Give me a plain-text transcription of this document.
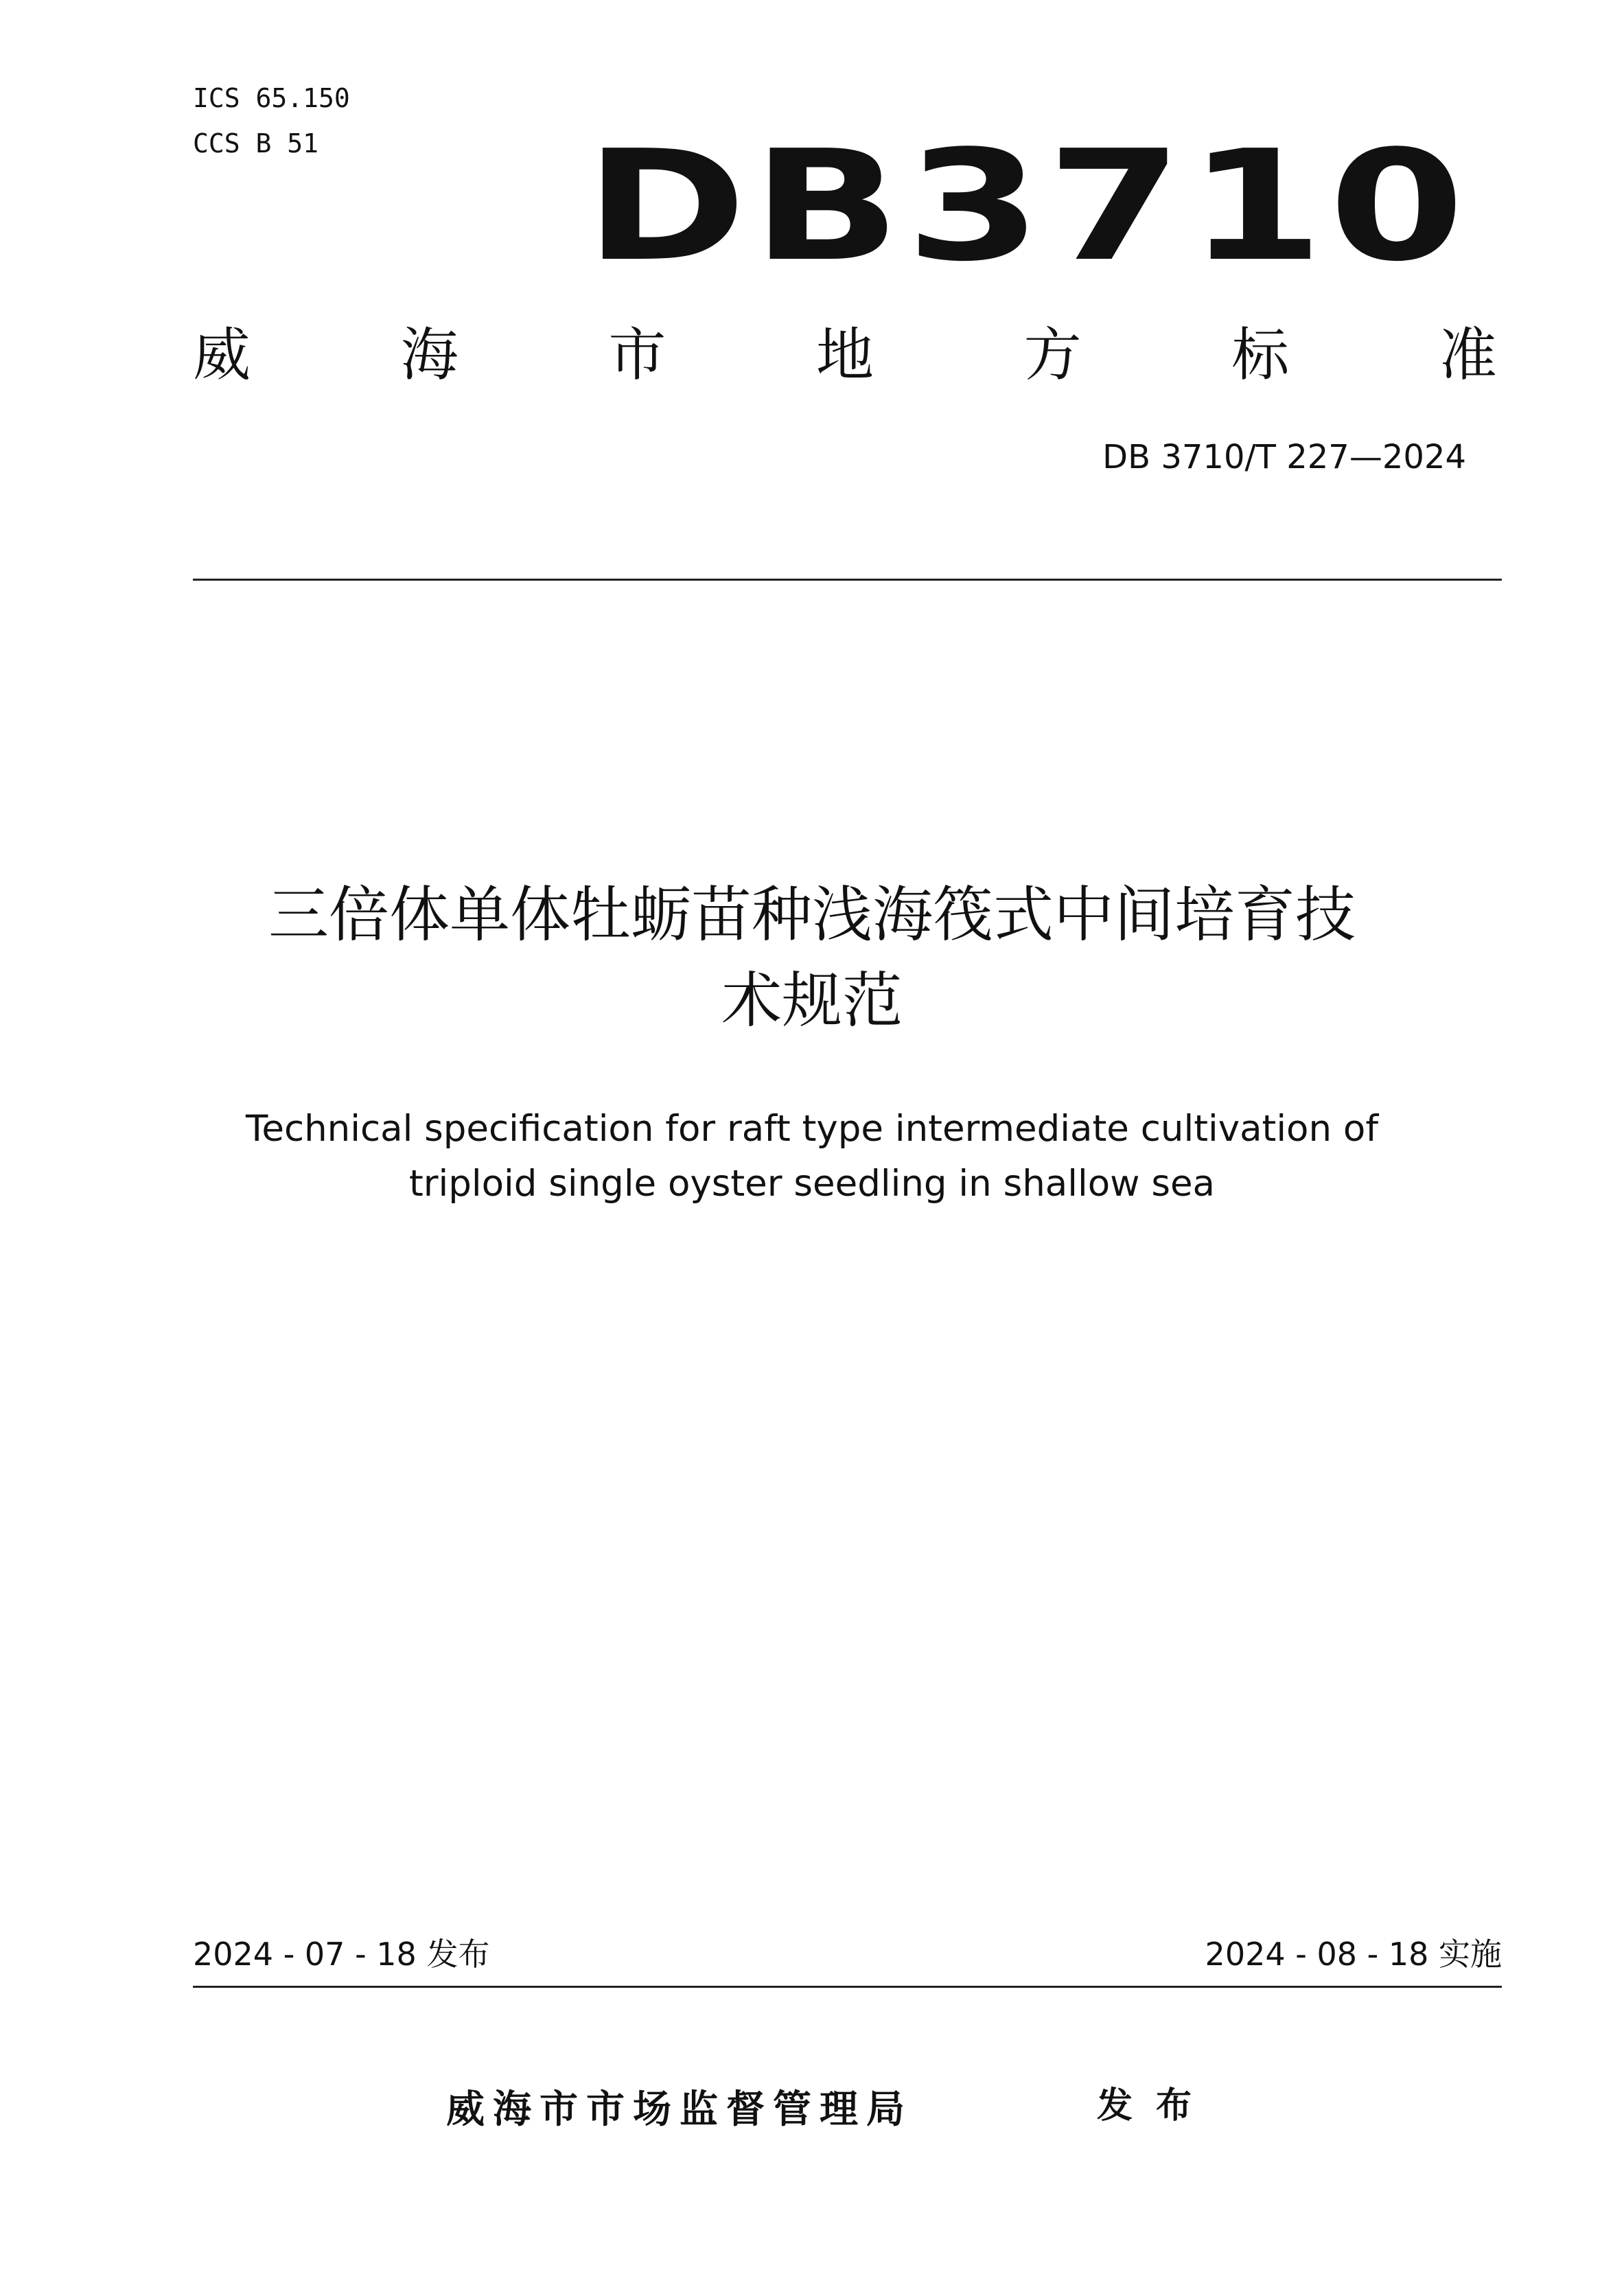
ICS 65.150
CCS B 51 DB3710
威	海	市	地	方	标	准
DB 3710/T 227—2024
三倍体单体牡蛎苗种浅海筏式中间培育技
术规范
Technical specification for raft type intermediate cultivation of
triploid single oyster seedling in shallow sea
2024 - 07 - 18 发布	2024 - 08 - 18 实施
威海市市场监督管理局	发布
